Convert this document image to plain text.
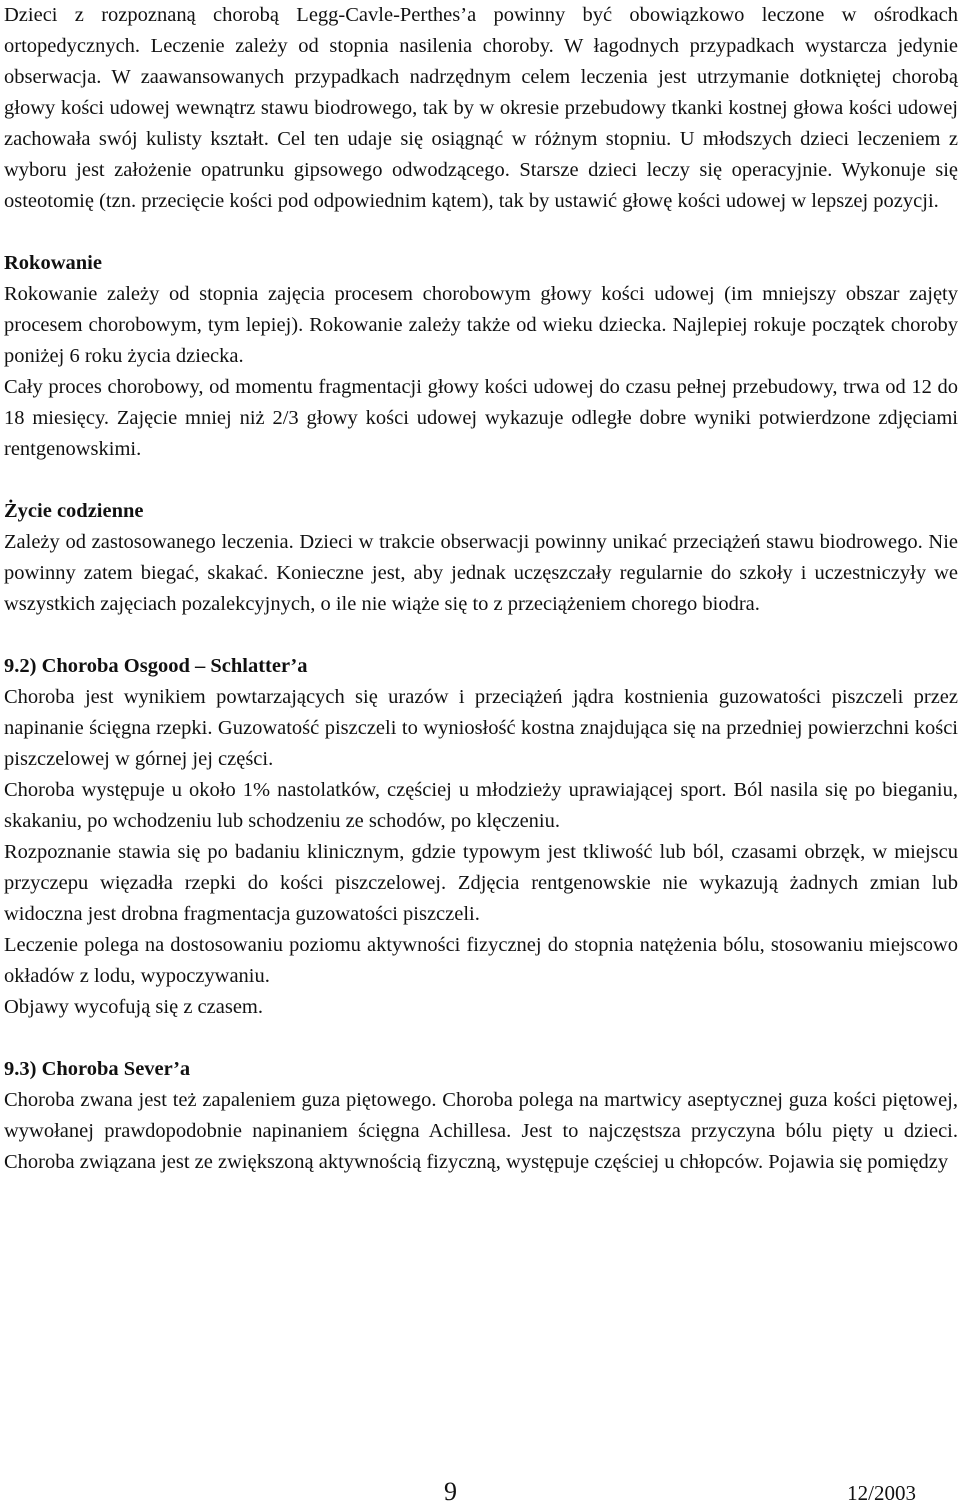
Dzieci z rozpoznaną chorobą Legg-Cavle-Perthes’a powinny być obowiązkowo leczone w ośrodkach ortopedycznych. Leczenie zależy od stopnia nasilenia choroby. W łagodnych przypadkach wystarcza jedynie obserwacja. W zaawansowanych przypadkach nadrzędnym celem leczenia jest utrzymanie dotkniętej chorobą głowy kości udowej wewnątrz stawu biodrowego, tak by w okresie przebudowy tkanki kostnej głowa kości udowej zachowała swój kulisty kształt. Cel ten udaje się osiągnąć w różnym stopniu. U młodszych dzieci leczeniem z wyboru jest założenie opatrunku gipsowego odwodzącego. Starsze dzieci leczy się operacyjnie. Wykonuje się osteotomię (tzn. przecięcie kości pod odpowiednim kątem), tak by ustawić głowę kości udowej w lepszej pozycji.

Rokowanie

Rokowanie zależy od stopnia zajęcia procesem chorobowym głowy kości udowej (im mniejszy obszar zajęty procesem chorobowym, tym lepiej). Rokowanie zależy także od wieku dziecka. Najlepiej rokuje początek choroby poniżej 6 roku życia dziecka.

Cały proces chorobowy, od momentu fragmentacji głowy kości udowej do czasu pełnej przebudowy, trwa od 12 do 18 miesięcy. Zajęcie mniej niż 2/3 głowy kości udowej wykazuje odległe dobre wyniki potwierdzone zdjęciami rentgenowskimi.

Życie codzienne

Zależy od zastosowanego leczenia. Dzieci w trakcie obserwacji powinny unikać przeciążeń stawu biodrowego. Nie powinny zatem biegać, skakać. Konieczne jest, aby jednak uczęszczały regularnie do szkoły i uczestniczyły we wszystkich zajęciach pozalekcyjnych, o ile nie wiąże się to z przeciążeniem chorego biodra.

9.2) Choroba Osgood – Schlatter’a

Choroba jest wynikiem powtarzających się urazów i przeciążeń jądra kostnienia guzowatości piszczeli przez napinanie ścięgna rzepki. Guzowatość piszczeli to wyniosłość kostna znajdująca się na przedniej powierzchni kości piszczelowej w górnej jej części.

Choroba występuje u około 1% nastolatków, częściej u młodzieży uprawiającej sport. Ból nasila się po bieganiu, skakaniu, po wchodzeniu lub schodzeniu ze schodów, po klęczeniu.

Rozpoznanie stawia się po badaniu klinicznym, gdzie typowym jest tkliwość lub ból, czasami obrzęk, w miejscu przyczepu więzadła rzepki do kości piszczelowej. Zdjęcia rentgenowskie nie wykazują żadnych zmian lub widoczna jest drobna fragmentacja guzowatości piszczeli.

Leczenie polega na dostosowaniu poziomu aktywności fizycznej do stopnia natężenia bólu, stosowaniu miejscowo okładów z lodu, wypoczywaniu.

Objawy wycofują się z czasem.

9.3) Choroba Sever’a

Choroba zwana jest też zapaleniem guza piętowego. Choroba polega na martwicy aseptycznej guza kości piętowej, wywołanej prawdopodobnie napinaniem ścięgna Achillesa. Jest to najczęstsza przyczyna bólu pięty u dzieci. Choroba związana jest ze zwiększoną aktywnością fizyczną, występuje częściej u chłopców. Pojawia się pomiędzy

9	12/2003
